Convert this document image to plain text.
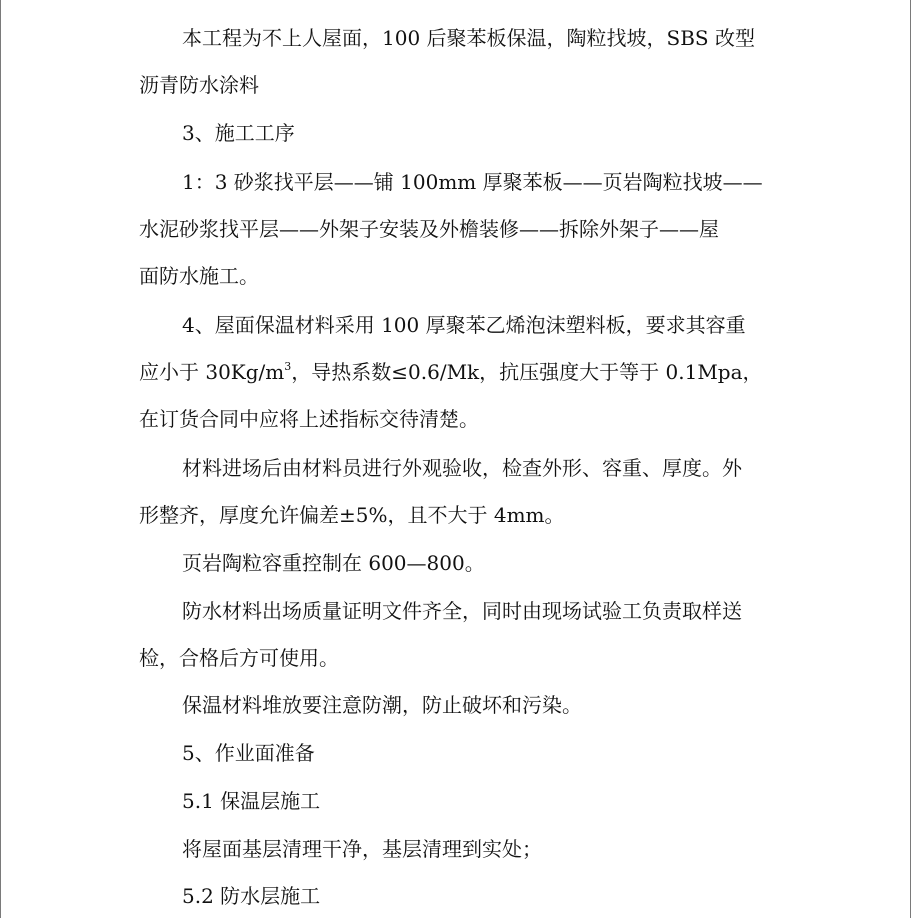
本工程为不上人屋面，100 后聚苯板保温，陶粒找坡，SBS 改型

沥青防水涂料

3、施工工序

1：3 砂浆找平层——铺 100mm 厚聚苯板——页岩陶粒找坡——

水泥砂浆找平层——外架子安装及外檐装修——拆除外架子——屋

面防水施工。

4、屋面保温材料采用 100 厚聚苯乙烯泡沫塑料板，要求其容重

应小于 $30Kg/m^3$，导热系数≤0.6/Mk，抗压强度大于等于 0.1Mpa，

在订货合同中应将上述指标交待清楚。

材料进场后由材料员进行外观验收，检查外形、容重、厚度。外

形整齐，厚度允许偏差±5%，且不大于 4mm。

页岩陶粒容重控制在 600—800。

防水材料出场质量证明文件齐全，同时由现场试验工负责取样送

检，合格后方可使用。

保温材料堆放要注意防潮，防止破坏和污染。

5、作业面准备

5.1 保温层施工

将屋面基层清理干净，基层清理到实处；

5.2 防水层施工
